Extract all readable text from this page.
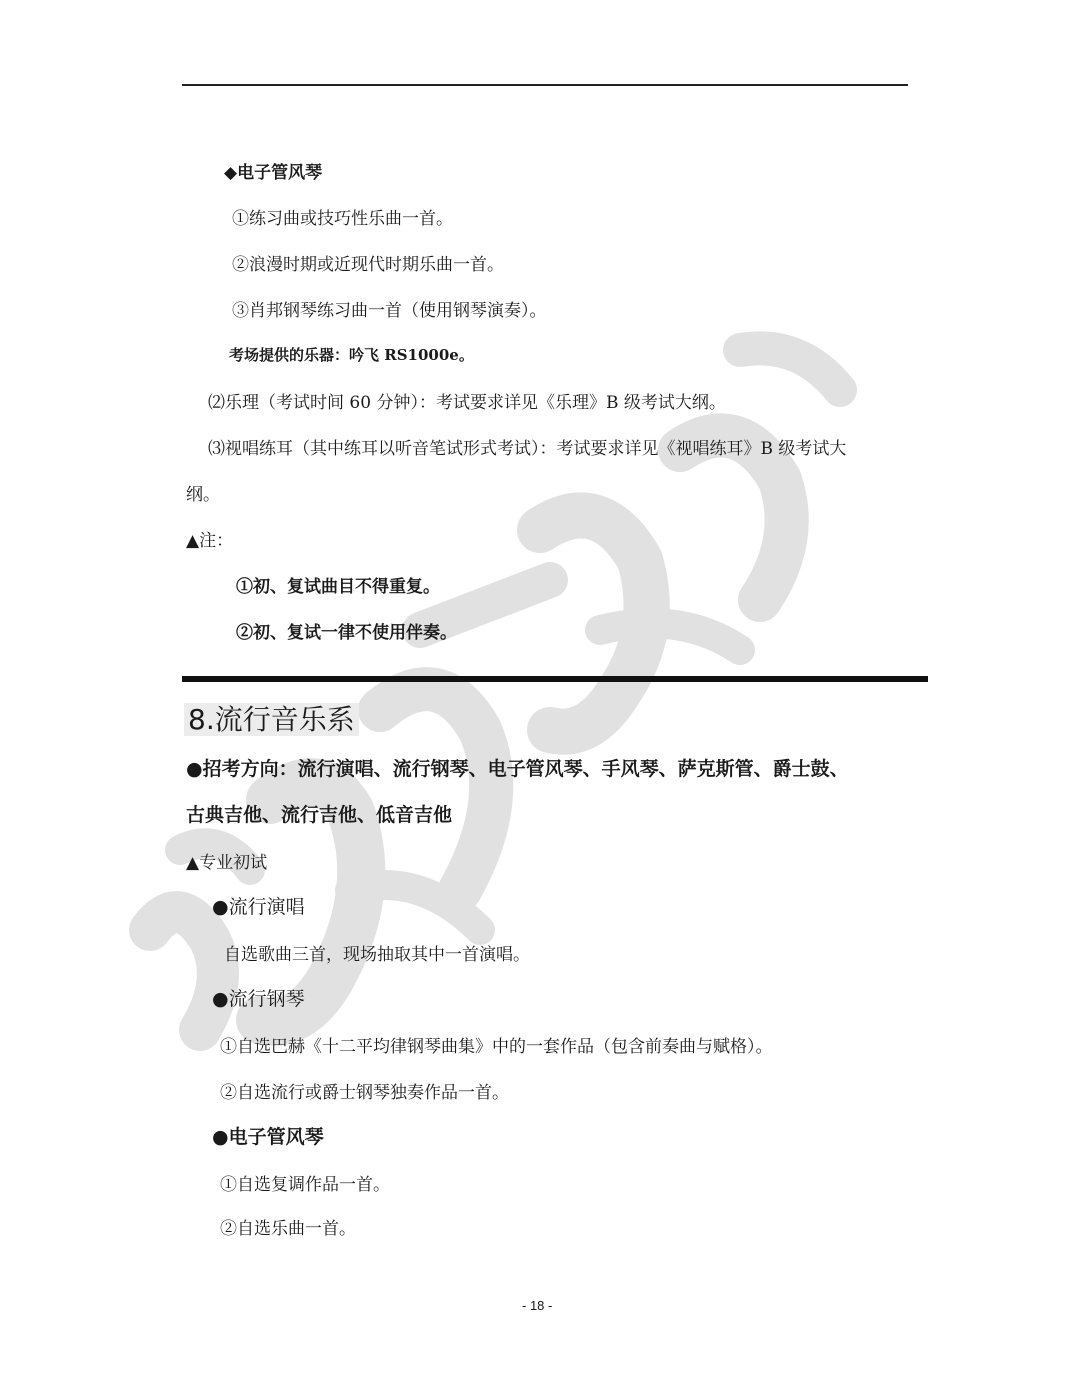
◆电子管风琴
①练习曲或技巧性乐曲一首。
②浪漫时期或近现代时期乐曲一首。
③肖邦钢琴练习曲一首（使用钢琴演奏）。
考场提供的乐器：吟飞 RS1000e。
⑵乐理（考试时间 60 分钟）：考试要求详见《乐理》B 级考试大纲。
⑶视唱练耳（其中练耳以听音笔试形式考试）：考试要求详见《视唱练耳》B 级考试大
纲。
▲注：
①初、复试曲目不得重复。
②初、复试一律不使用伴奏。
8.流行音乐系
●招考方向：流行演唱、流行钢琴、电子管风琴、手风琴、萨克斯管、爵士鼓、
古典吉他、流行吉他、低音吉他
▲专业初试
●流行演唱
自选歌曲三首，现场抽取其中一首演唱。
●流行钢琴
①自选巴赫《十二平均律钢琴曲集》中的一套作品（包含前奏曲与赋格）。
②自选流行或爵士钢琴独奏作品一首。
●电子管风琴
①自选复调作品一首。
②自选乐曲一首。
- 18 -
